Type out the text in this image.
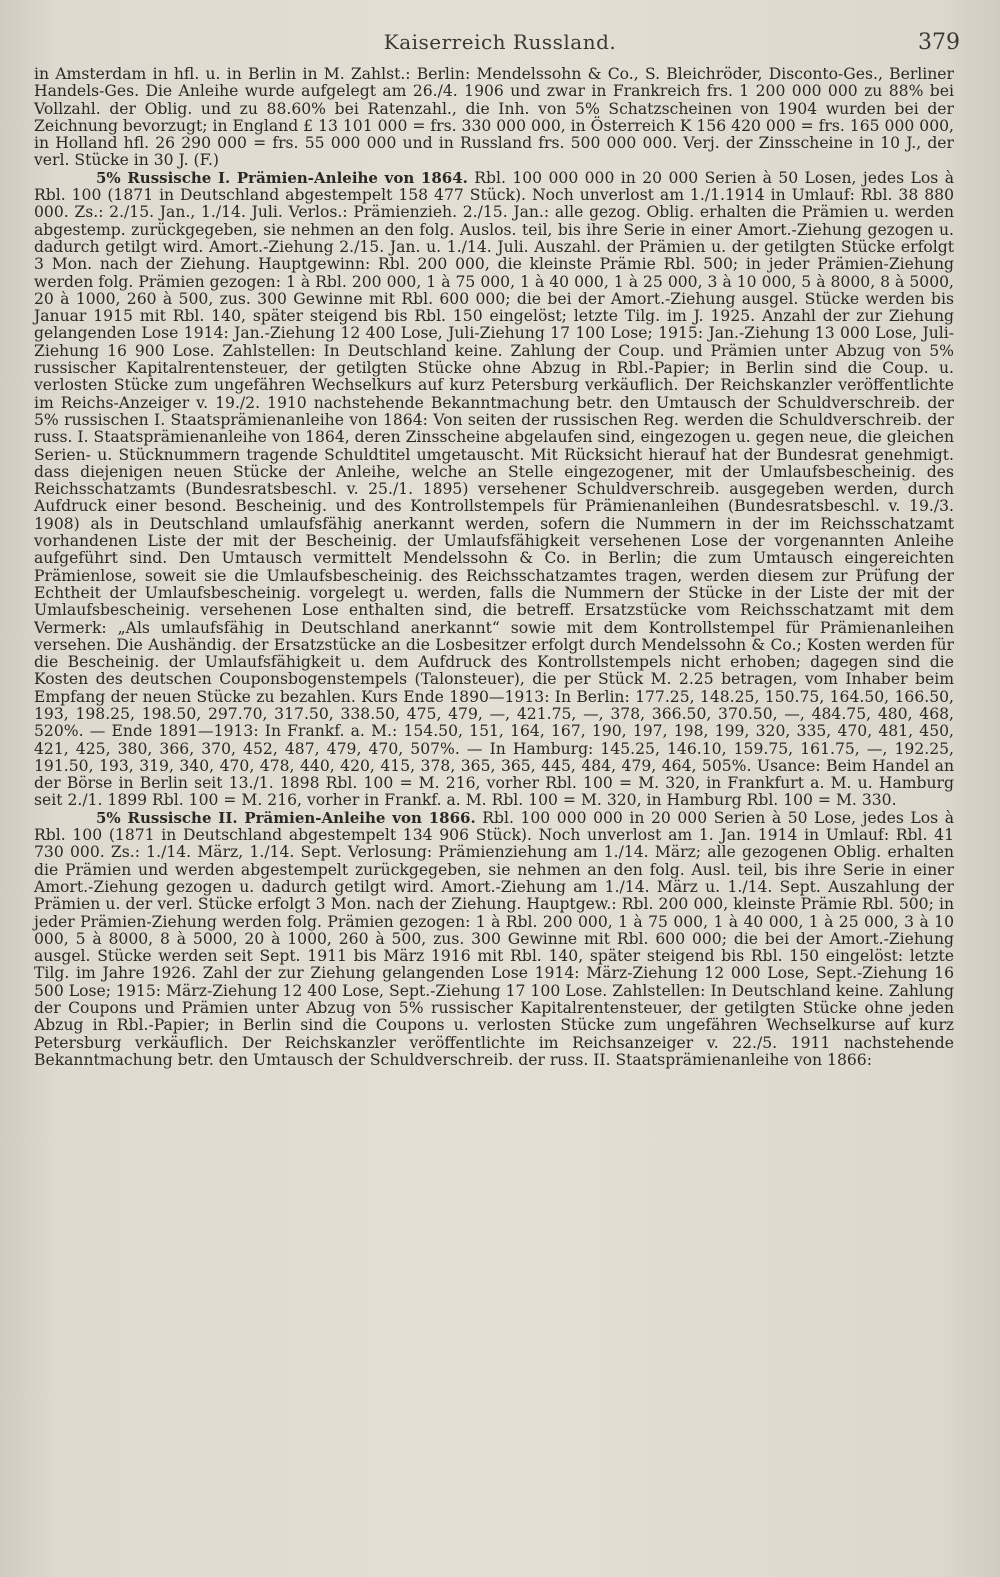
Kaiserreich Russland.	379

in Amsterdam in hfl. u. in Berlin in M. Zahlst.: Berlin: Mendelssohn & Co., S. Bleichröder, Disconto-Ges., Berliner Handels-Ges. Die Anleihe wurde aufgelegt am 26./4. 1906 und zwar in Frankreich frs. 1 200 000 000 zu 88% bei Vollzahl. der Oblig. und zu 88.60% bei Ratenzahl., die Inh. von 5% Schatzscheinen von 1904 wurden bei der Zeichnung bevorzugt; in England £ 13 101 000 = frs. 330 000 000, in Österreich K 156 420 000 = frs. 165 000 000, in Holland hfl. 26 290 000 = frs. 55 000 000 und in Russland frs. 500 000 000. Verj. der Zinsscheine in 10 J., der verl. Stücke in 30 J. (F.)

5% Russische I. Prämien-Anleihe von 1864. Rbl. 100 000 000 in 20 000 Serien à 50 Losen, jedes Los à Rbl. 100 (1871 in Deutschland abgestempelt 158 477 Stück). Noch unverlost am 1./1.1914 in Umlauf: Rbl. 38 880 000. Zs.: 2./15. Jan., 1./14. Juli. Verlos.: Prämienzieh. 2./15. Jan.: alle gezog. Oblig. erhalten die Prämien u. werden abgestemp. zurückgegeben, sie nehmen an den folg. Auslos. teil, bis ihre Serie in einer Amort.-Ziehung gezogen u. dadurch getilgt wird. Amort.-Ziehung 2./15. Jan. u. 1./14. Juli. Auszahl. der Prämien u. der getilgten Stücke erfolgt 3 Mon. nach der Ziehung. Hauptgewinn: Rbl. 200 000, die kleinste Prämie Rbl. 500; in jeder Prämien-Ziehung werden folg. Prämien gezogen: 1 à Rbl. 200 000, 1 à 75 000, 1 à 40 000, 1 à 25 000, 3 à 10 000, 5 à 8000, 8 à 5000, 20 à 1000, 260 à 500, zus. 300 Gewinne mit Rbl. 600 000; die bei der Amort.-Ziehung ausgel. Stücke werden bis Januar 1915 mit Rbl. 140, später steigend bis Rbl. 150 eingelöst; letzte Tilg. im J. 1925. Anzahl der zur Ziehung gelangenden Lose 1914: Jan.-Ziehung 12 400 Lose, Juli-Ziehung 17 100 Lose; 1915: Jan.-Ziehung 13 000 Lose, Juli-Ziehung 16 900 Lose. Zahlstellen: In Deutschland keine. Zahlung der Coup. und Prämien unter Abzug von 5% russischer Kapitalrentensteuer, der getilgten Stücke ohne Abzug in Rbl.-Papier; in Berlin sind die Coup. u. verlosten Stücke zum ungefähren Wechselkurs auf kurz Petersburg verkäuflich. Der Reichskanzler veröffentlichte im Reichs-Anzeiger v. 19./2. 1910 nachstehende Bekanntmachung betr. den Umtausch der Schuldverschreib. der 5% russischen I. Staatsprämienanleihe von 1864: Von seiten der russischen Reg. werden die Schuldverschreib. der russ. I. Staatsprämienanleihe von 1864, deren Zinsscheine abgelaufen sind, eingezogen u. gegen neue, die gleichen Serien- u. Stücknummern tragende Schuldtitel umgetauscht. Mit Rücksicht hierauf hat der Bundesrat genehmigt. dass diejenigen neuen Stücke der Anleihe, welche an Stelle eingezogener, mit der Umlaufsbescheinig. des Reichsschatzamts (Bundesratsbeschl. v. 25./1. 1895) versehener Schuldverschreib. ausgegeben werden, durch Aufdruck einer besond. Bescheinig. und des Kontrollstempels für Prämienanleihen (Bundesratsbeschl. v. 19./3. 1908) als in Deutschland umlaufsfähig anerkannt werden, sofern die Nummern in der im Reichsschatzamt vorhandenen Liste der mit der Bescheinig. der Umlaufsfähigkeit versehenen Lose der vorgenannten Anleihe aufgeführt sind. Den Umtausch vermittelt Mendelssohn & Co. in Berlin; die zum Umtausch eingereichten Prämienlose, soweit sie die Umlaufsbescheinig. des Reichsschatzamtes tragen, werden diesem zur Prüfung der Echtheit der Umlaufsbescheinig. vorgelegt u. werden, falls die Nummern der Stücke in der Liste der mit der Umlaufsbescheinig. versehenen Lose enthalten sind, die betreff. Ersatzstücke vom Reichsschatzamt mit dem Vermerk: „Als umlaufsfähig in Deutschland anerkannt“ sowie mit dem Kontrollstempel für Prämienanleihen versehen. Die Aushändig. der Ersatzstücke an die Losbesitzer erfolgt durch Mendelssohn & Co.; Kosten werden für die Bescheinig. der Umlaufsfähigkeit u. dem Aufdruck des Kontrollstempels nicht erhoben; dagegen sind die Kosten des deutschen Couponsbogenstempels (Talonsteuer), die per Stück M. 2.25 betragen, vom Inhaber beim Empfang der neuen Stücke zu bezahlen. Kurs Ende 1890—1913: In Berlin: 177.25, 148.25, 150.75, 164.50, 166.50, 193, 198.25, 198.50, 297.70, 317.50, 338.50, 475, 479, —, 421.75, —, 378, 366.50, 370.50, —, 484.75, 480, 468, 520%. — Ende 1891—1913: In Frankf. a. M.: 154.50, 151, 164, 167, 190, 197, 198, 199, 320, 335, 470, 481, 450, 421, 425, 380, 366, 370, 452, 487, 479, 470, 507%. — In Hamburg: 145.25, 146.10, 159.75, 161.75, —, 192.25, 191.50, 193, 319, 340, 470, 478, 440, 420, 415, 378, 365, 365, 445, 484, 479, 464, 505%. Usance: Beim Handel an der Börse in Berlin seit 13./1. 1898 Rbl. 100 = M. 216, vorher Rbl. 100 = M. 320, in Frankfurt a. M. u. Hamburg seit 2./1. 1899 Rbl. 100 = M. 216, vorher in Frankf. a. M. Rbl. 100 = M. 320, in Hamburg Rbl. 100 = M. 330.

5% Russische II. Prämien-Anleihe von 1866. Rbl. 100 000 000 in 20 000 Serien à 50 Lose, jedes Los à Rbl. 100 (1871 in Deutschland abgestempelt 134 906 Stück). Noch unverlost am 1. Jan. 1914 in Umlauf: Rbl. 41 730 000. Zs.: 1./14. März, 1./14. Sept. Verlosung: Prämienziehung am 1./14. März; alle gezogenen Oblig. erhalten die Prämien und werden abgestempelt zurückgegeben, sie nehmen an den folg. Ausl. teil, bis ihre Serie in einer Amort.-Ziehung gezogen u. dadurch getilgt wird. Amort.-Ziehung am 1./14. März u. 1./14. Sept. Auszahlung der Prämien u. der verl. Stücke erfolgt 3 Mon. nach der Ziehung. Hauptgew.: Rbl. 200 000, kleinste Prämie Rbl. 500; in jeder Prämien-Ziehung werden folg. Prämien gezogen: 1 à Rbl. 200 000, 1 à 75 000, 1 à 40 000, 1 à 25 000, 3 à 10 000, 5 à 8000, 8 à 5000, 20 à 1000, 260 à 500, zus. 300 Gewinne mit Rbl. 600 000; die bei der Amort.-Ziehung ausgel. Stücke werden seit Sept. 1911 bis März 1916 mit Rbl. 140, später steigend bis Rbl. 150 eingelöst: letzte Tilg. im Jahre 1926. Zahl der zur Ziehung gelangenden Lose 1914: März-Ziehung 12 000 Lose, Sept.-Ziehung 16 500 Lose; 1915: März-Ziehung 12 400 Lose, Sept.-Ziehung 17 100 Lose. Zahlstellen: In Deutschland keine. Zahlung der Coupons und Prämien unter Abzug von 5% russischer Kapitalrentensteuer, der getilgten Stücke ohne jeden Abzug in Rbl.-Papier; in Berlin sind die Coupons u. verlosten Stücke zum ungefähren Wechselkurse auf kurz Petersburg verkäuflich. Der Reichskanzler veröffentlichte im Reichsanzeiger v. 22./5. 1911 nachstehende Bekanntmachung betr. den Umtausch der Schuldverschreib. der russ. II. Staatsprämienanleihe von 1866:
